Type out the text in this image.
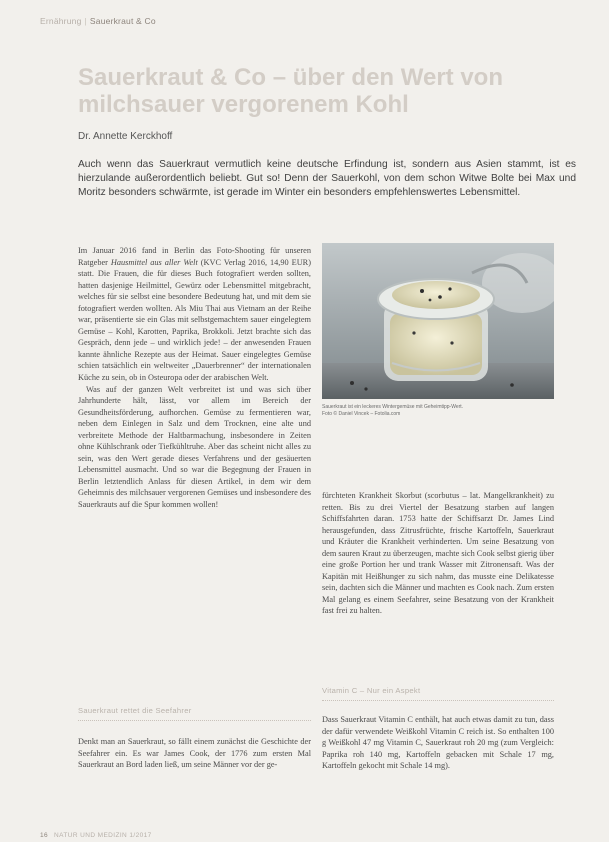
Ernährung | Sauerkraut & Co
Sauerkraut & Co – über den Wert von milchsauer vergorenem Kohl
Dr. Annette Kerckhoff

Auch wenn das Sauerkraut vermutlich keine deutsche Erfindung ist, sondern aus Asien stammt, ist es hierzulande außerordentlich beliebt. Gut so! Denn der Sauerkohl, von dem schon Witwe Bolte bei Max und Moritz besonders schwärmte, ist gerade im Winter ein besonders empfehlenswertes Lebensmittel.

Im Januar 2016 fand in Berlin das Foto-Shooting für unseren Ratgeber Hausmittel aus aller Welt (KVC Verlag 2016, 14,90 EUR) statt. Die Frauen, die für dieses Buch fotografiert werden sollten, hatten dasjenige Heilmittel, Gewürz oder Lebensmittel mitgebracht, welches für sie selbst eine besondere Bedeutung hat, und mit dem sie fotografiert werden wollten. Als Miu Thai aus Vietnam an der Reihe war, präsentierte sie ein Glas mit selbstgemachtem sauer eingelegtem Gemüse – Kohl, Karotten, Paprika, Brokkoli. Jetzt brachte sich das Gespräch, denn jede – und wirklich jede! – der anwesenden Frauen kannte ähnliche Rezepte aus der Heimat. Sauer eingelegtes Gemüse schien tatsächlich ein weltweiter „Dauerbrenner“ der internationalen Küche zu sein, ob in Osteuropa oder der arabischen Welt.

Was auf der ganzen Welt verbreitet ist und was sich über Jahrhunderte hält, lässt, vor allem im Bereich der Gesundheitsförderung, aufhorchen. Gemüse zu fermentieren war, neben dem Einlegen in Salz und dem Trocknen, eine alte und verbreitete Methode der Haltbarmachung, insbesondere in Zeiten ohne Kühlschrank oder Tiefkühltruhe. Aber das scheint nicht alles zu sein, was den Wert gerade dieses Verfahrens und der gesäuerten Lebensmittel ausmacht. Und so war die Begegnung der Frauen in Berlin letztendlich Anlass für diesen Artikel, in dem wir dem Geheimnis des milchsauer vergorenen Gemüses und insbesondere des Sauerkrauts auf die Spur kommen wollen!

Sauerkraut rettet die Seefahrer

Denkt man an Sauerkraut, so fällt einem zunächst die Geschichte der Seefahrer ein. Es war James Cook, der 1776 zum ersten Mal Sauerkraut an Bord laden ließ, um seine Männer vor der ge-

Sauerkraut ist ein leckeres Wintergemüse mit Geheimtipp-Wert.
Foto © Daniel Vincek – Fotolia.com

fürchteten Krankheit Skorbut (scorbutus – lat. Mangelkrankheit) zu retten. Bis zu drei Viertel der Besatzung starben auf langen Schiffsfahrten daran. 1753 hatte der Schiffsarzt Dr. James Lind herausgefunden, dass Zitrusfrüchte, frische Kartoffeln, Sauerkraut und Kräuter die Krankheit verhinderten. Um seine Besatzung von dem sauren Kraut zu überzeugen, machte sich Cook selbst gierig über eine große Portion her und trank Wasser mit Zitronensaft. Was der Kapitän mit Heißhunger zu sich nahm, das musste eine Delikatesse sein, dachten sich die Männer und machten es Cook nach. Zum ersten Mal gelang es einem Seefahrer, seine Besatzung von der Krankheit fast frei zu halten.

Vitamin C – Nur ein Aspekt

Dass Sauerkraut Vitamin C enthält, hat auch etwas damit zu tun, dass der dafür verwendete Weißkohl Vitamin C reich ist. So enthalten 100 g Weißkohl 47 mg Vitamin C, Sauerkraut roh 20 mg (zum Vergleich: Paprika roh 140 mg, Kartoffeln gebacken mit Schale 17 mg, Kartoffeln gekocht mit Schale 14 mg).

16 NATUR UND MEDIZIN 1/2017
